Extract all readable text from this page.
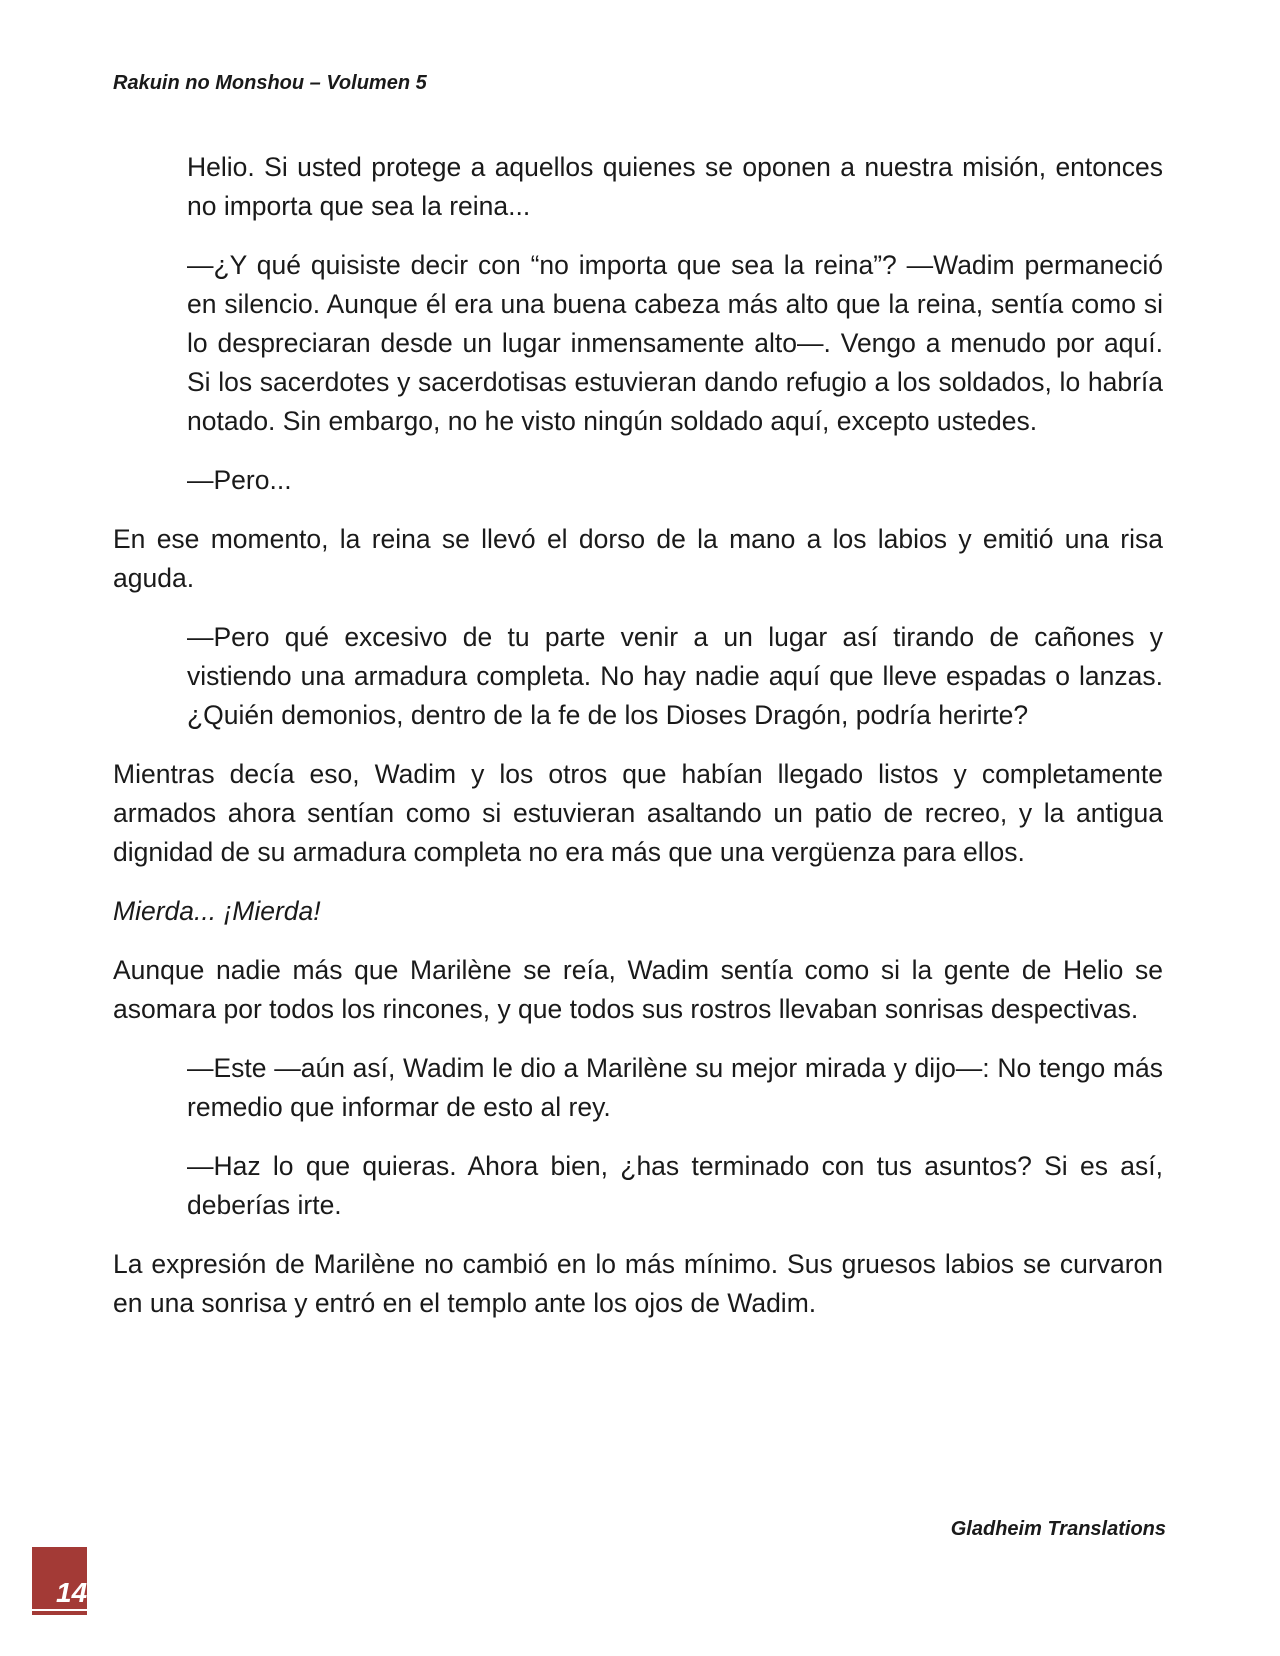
Rakuin no Monshou – Volumen 5

Helio. Si usted protege a aquellos quienes se oponen a nuestra misión, entonces no importa que sea la reina...

—¿Y qué quisiste decir con “no importa que sea la reina”? —Wadim permaneció en silencio. Aunque él era una buena cabeza más alto que la reina, sentía como si lo despreciaran desde un lugar inmensamente alto—. Vengo a menudo por aquí. Si los sacerdotes y sacerdotisas estuvieran dando refugio a los soldados, lo habría notado. Sin embargo, no he visto ningún soldado aquí, excepto ustedes.

—Pero...

En ese momento, la reina se llevó el dorso de la mano a los labios y emitió una risa aguda.

—Pero qué excesivo de tu parte venir a un lugar así tirando de cañones y vistiendo una armadura completa. No hay nadie aquí que lleve espadas o lanzas. ¿Quién demonios, dentro de la fe de los Dioses Dragón, podría herirte?

Mientras decía eso, Wadim y los otros que habían llegado listos y completamente armados ahora sentían como si estuvieran asaltando un patio de recreo, y la antigua dignidad de su armadura completa no era más que una vergüenza para ellos.

Mierda... ¡Mierda!

Aunque nadie más que Marilène se reía, Wadim sentía como si la gente de Helio se asomara por todos los rincones, y que todos sus rostros llevaban sonrisas despectivas.

—Este —aún así, Wadim le dio a Marilène su mejor mirada y dijo—: No tengo más remedio que informar de esto al rey.

—Haz lo que quieras. Ahora bien, ¿has terminado con tus asuntos? Si es así, deberías irte.

La expresión de Marilène no cambió en lo más mínimo. Sus gruesos labios se curvaron en una sonrisa y entró en el templo ante los ojos de Wadim.

Gladheim Translations
14
